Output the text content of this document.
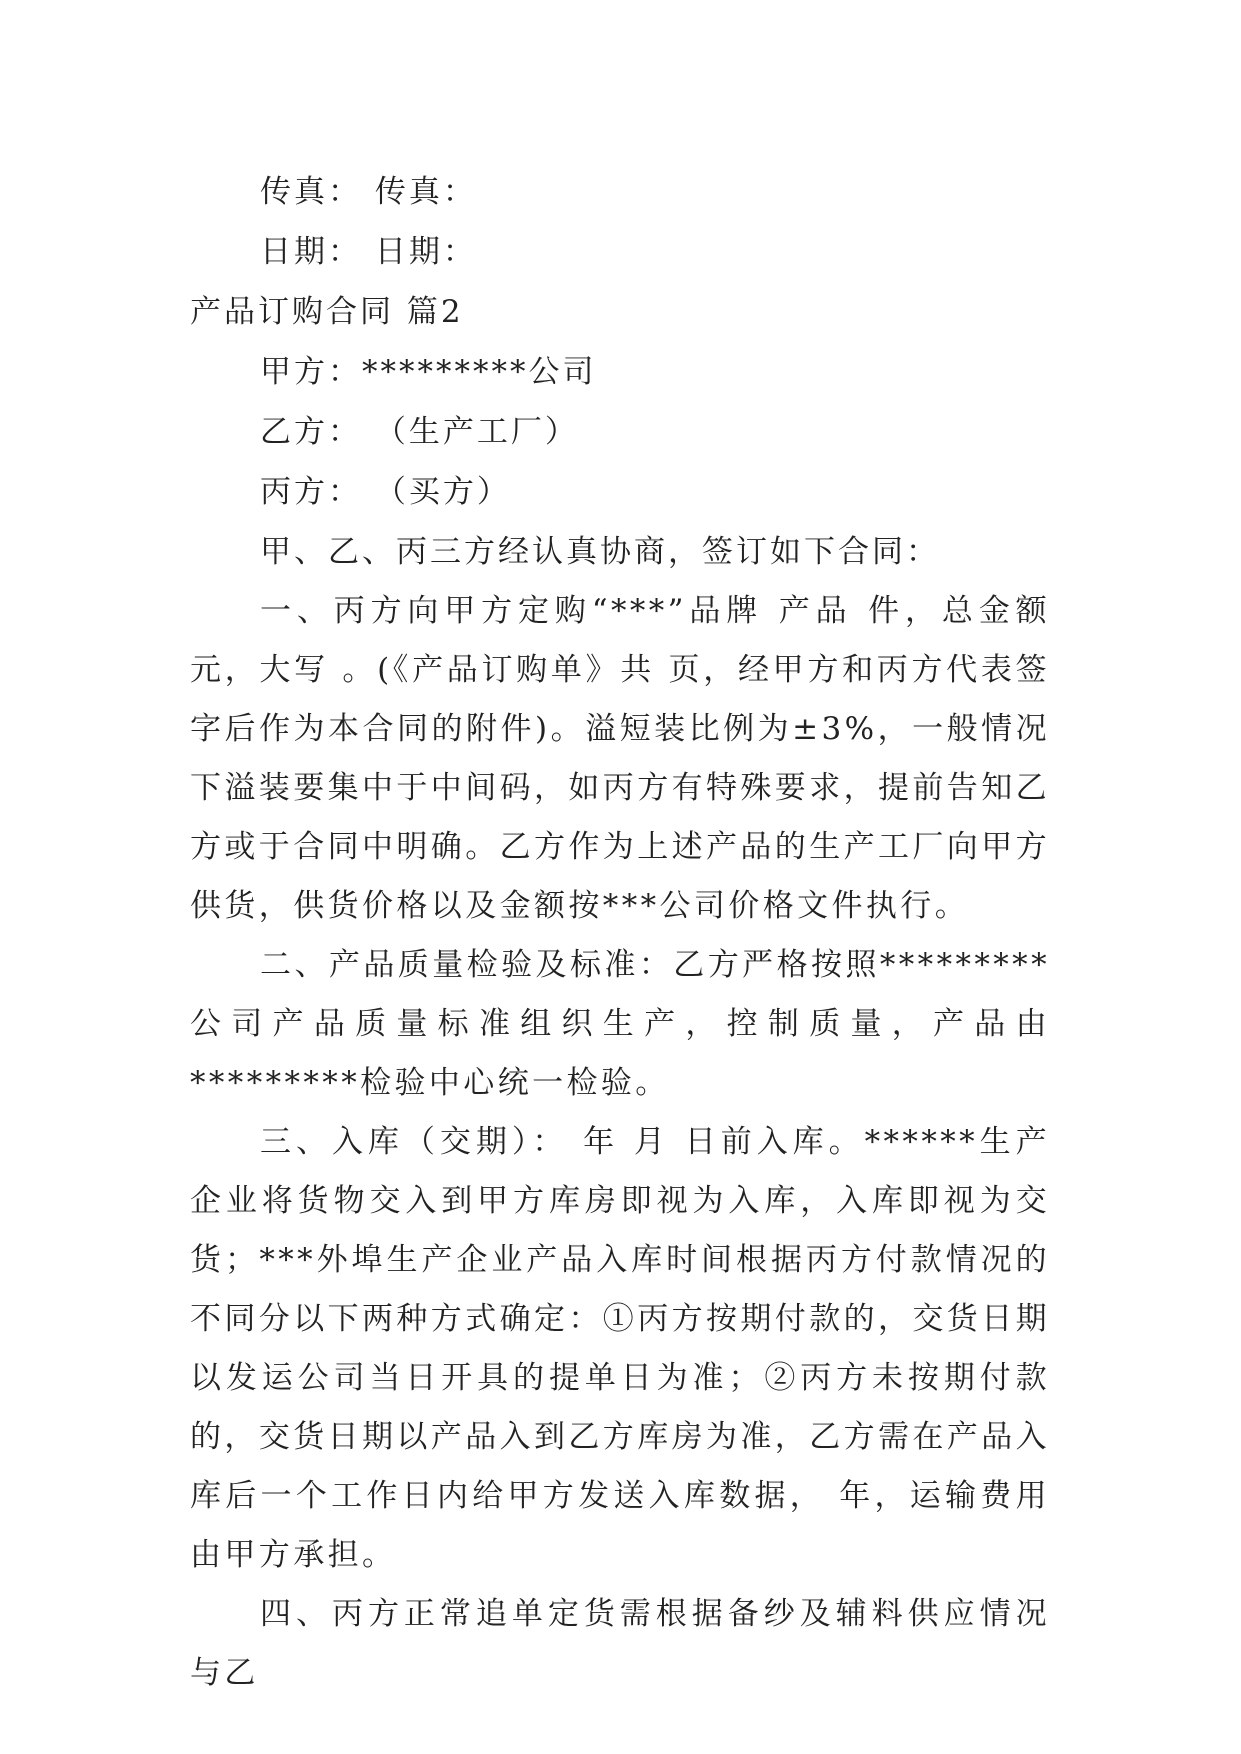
传真： 传真：
日期： 日期：
产品订购合同 篇2
甲方：*********公司
乙方： （生产工厂）
丙方： （买方）
甲、乙、丙三方经认真协商，签订如下合同：

一、丙方向甲方定购“***”品牌 产品 件，总金额 元，大写 。(《产品订购单》共 页，经甲方和丙方代表签字后作为本合同的附件)。溢短装比例为±3%，一般情况下溢装要集中于中间码，如丙方有特殊要求，提前告知乙方或于合同中明确。乙方作为上述产品的生产工厂向甲方供货，供货价格以及金额按***公司价格文件执行。

二、产品质量检验及标准：乙方严格按照*********公司产品质量标准组织生产，控制质量，产品由*********检验中心统一检验。

三、入库（交期）： 年 月 日前入库。******生产企业将货物交入到甲方库房即视为入库，入库即视为交货；***外埠生产企业产品入库时间根据丙方付款情况的不同分以下两种方式确定：①丙方按期付款的，交货日期以发运公司当日开具的提单日为准；②丙方未按期付款的，交货日期以产品入到乙方库房为准，乙方需在产品入库后一个工作日内给甲方发送入库数据， 年，运输费用由甲方承担。

四、丙方正常追单定货需根据备纱及辅料供应情况与乙
